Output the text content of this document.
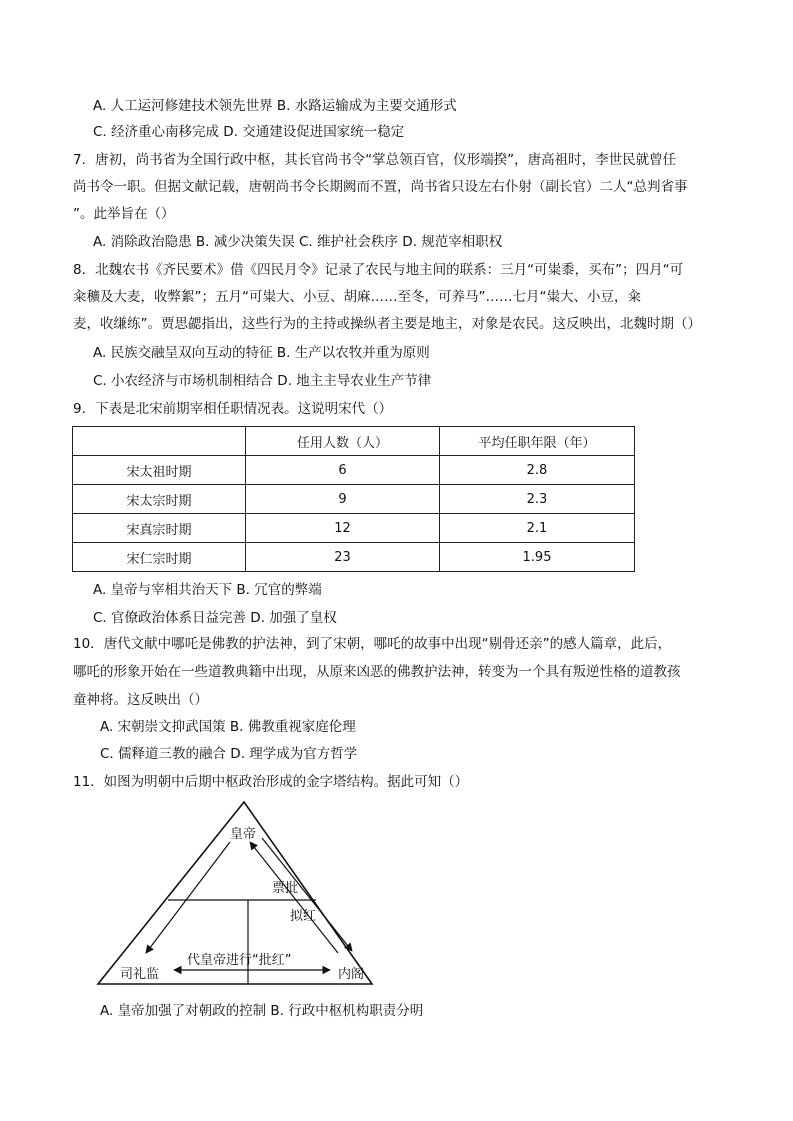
A. 人工运河修建技术领先世界 B. 水路运输成为主要交通形式
C. 经济重心南移完成 D. 交通建设促进国家统一稳定
7．唐初，尚书省为全国行政中枢，其长官尚书令“掌总领百官，仪形端揆”，唐高祖时，李世民就曾任
尚书令一职。但据文献记载，唐朝尚书令长期阙而不置，尚书省只设左右仆射（副长官）二人“总判省事
”。此举旨在（）
A. 消除政治隐患 B. 减少决策失误 C. 维护社会秩序 D. 规范宰相职权
8．北魏农书《齐民要术》借《四民月令》记录了农民与地主间的联系：三月“可粜黍，买布”；四月“可
籴穬及大麦，收弊絮”；五月“可粜大、小豆、胡麻……至冬，可养马”……七月“粜大、小豆，籴
麦，收缣练”。贾思勰指出，这些行为的主持或操纵者主要是地主，对象是农民。这反映出，北魏时期（）
A. 民族交融呈双向互动的特征 B. 生产以农牧并重为原则
C. 小农经济与市场机制相结合 D. 地主主导农业生产节律
9．下表是北宋前期宰相任职情况表。这说明宋代（）
	任用人数（人）	平均任职年限（年）
宋太祖时期	6	2.8
宋太宗时期	9	2.3
宋真宗时期	12	2.1
宋仁宗时期	23	1.95
A. 皇帝与宰相共治天下 B. 冗官的弊端
C. 官僚政治体系日益完善 D. 加强了皇权
10．唐代文献中哪吒是佛教的护法神，到了宋朝，哪吒的故事中出现“剔骨还亲”的感人篇章，此后，
哪吒的形象开始在一些道教典籍中出现，从原来凶恶的佛教护法神，转变为一个具有叛逆性格的道教孩
童神将。这反映出（）
A. 宋朝崇文抑武国策 B. 佛教重视家庭伦理
C. 儒释道三教的融合 D. 理学成为官方哲学
11．如图为明朝中后期中枢政治形成的金字塔结构。据此可知（）
皇帝
票批
拟红
代皇帝进行“批红”
司礼监	内阁
A. 皇帝加强了对朝政的控制 B. 行政中枢机构职责分明
